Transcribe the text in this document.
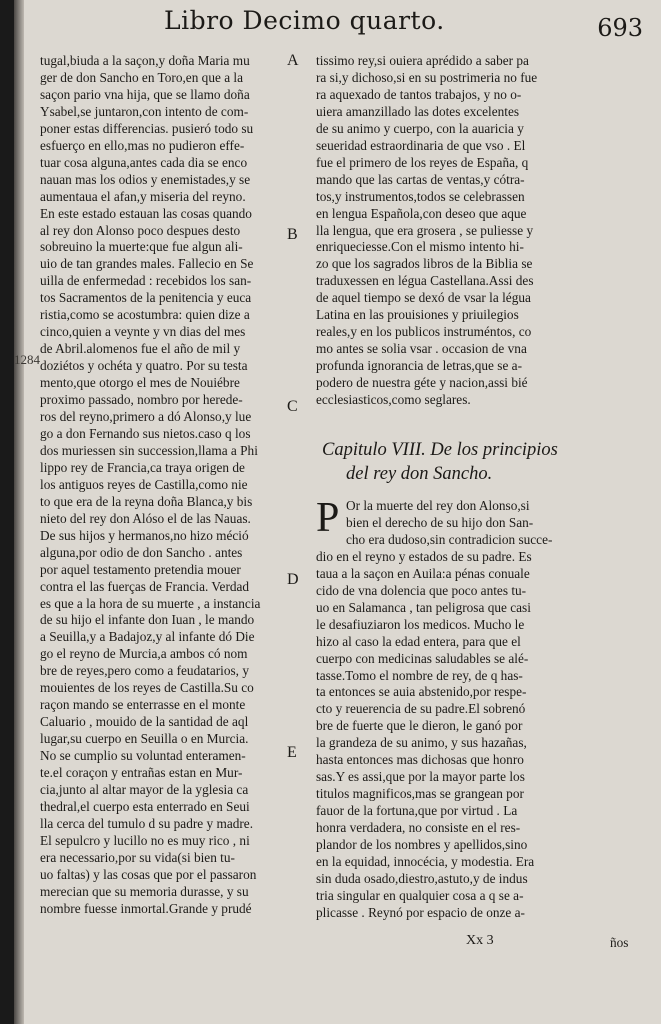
Libro Decimo quarto.	693
1284
tugal,biuda a la saçon,y doña Maria mu
ger de don Sancho en Toro,en que a la
saçon pario vna hija, que se llamo doña
Ysabel,se juntaron,con intento de com-
poner estas differencias. pusieró todo su
esfuerço en ello,mas no pudieron effe-
tuar cosa alguna,antes cada dia se enco
nauan mas los odios y enemistades,y se
aumentaua el afan,y miseria del reyno.
En este estado estauan las cosas quando
al rey don Alonso poco despues desto
sobreuino la muerte:que fue algun ali-
uio de tan grandes males. Fallecio en Se
uilla de enfermedad : recebidos los san-
tos Sacramentos de la penitencia y euca
ristia,como se acostumbra: quien dize a
cinco,quien a veynte y vn dias del mes
de Abril.alomenos fue el año de mil y
doziétos y ochéta y quatro. Por su testa
mento,que otorgo el mes de Nouiébre
proximo passado, nombro por herede-
ros del reyno,primero a dó Alonso,y lue
go a don Fernando sus nietos.caso q los
dos muriessen sin succession,llama a Phi
lippo rey de Francia,ca traya origen de
los antiguos reyes de Castilla,como nie
to que era de la reyna doña Blanca,y bis
nieto del rey don Alóso el de las Nauas.
De sus hijos y hermanos,no hizo méció
alguna,por odio de don Sancho . antes
por aquel testamento pretendia mouer
contra el las fuerças de Francia. Verdad
es que a la hora de su muerte , a instancia
de su hijo el infante don Iuan , le mando
a Seuilla,y a Badajoz,y al infante dó Die
go el reyno de Murcia,a ambos có nom
bre de reyes,pero como a feudatarios, y
mouientes de los reyes de Castilla.Su co
raçon mando se enterrasse en el monte
Caluario , mouido de la santidad de aql
lugar,su cuerpo en Seuilla o en Murcia.
No se cumplio su voluntad enteramen-
te.el coraçon y entrañas estan en Mur-
cia,junto al altar mayor de la yglesia ca
thedral,el cuerpo esta enterrado en Seui
lla cerca del tumulo d su padre y madre.
El sepulcro y lucillo no es muy rico , ni
era necessario,por su vida(si bien tu-
uo faltas) y las cosas que por el passaron
merecian que su memoria durasse, y su
nombre fuesse inmortal.Grande y prudé
A
B
C
D
E
tissimo rey,si ouiera aprédido a saber pa
ra si,y dichoso,si en su postrimeria no fue
ra aquexado de tantos trabajos, y no o-
uiera amanzillado las dotes excelentes
de su animo y cuerpo, con la auaricia y
seueridad estraordinaria de que vso . El
fue el primero de los reyes de España, q
mando que las cartas de ventas,y cótra-
tos,y instrumentos,todos se celebrassen
en lengua Española,con deseo que aque
lla lengua, que era grosera , se puliesse y
enriqueciesse.Con el mismo intento hi-
zo que los sagrados libros de la Biblia se
traduxessen en légua Castellana.Assi des
de aquel tiempo se dexó de vsar la légua
Latina en las prouisiones y priuilegios
reales,y en los publicos instruméntos, co
mo antes se solia vsar . occasion de vna
profunda ignorancia de letras,que se a-
podero de nuestra géte y nacion,assi bié
ecclesiasticos,como seglares.
Capitulo VIII. De los principios
del rey don Sancho.
P Or la muerte del rey don Alonso,si
bien el derecho de su hijo don San-
cho era dudoso,sin contradicion succe-
dio en el reyno y estados de su padre. Es
taua a la saçon en Auila:a pénas conuale
cido de vna dolencia que poco antes tu-
uo en Salamanca , tan peligrosa que casi
le desafiuziaron los medicos. Mucho le
hizo al caso la edad entera, para que el
cuerpo con medicinas saludables se alé-
tasse.Tomo el nombre de rey, de q has-
ta entonces se auia abstenido,por respe-
cto y reuerencia de su padre.El sobrenó
bre de fuerte que le dieron, le ganó por
la grandeza de su animo, y sus hazañas,
hasta entonces mas dichosas que honro
sas.Y es assi,que por la mayor parte los
titulos magnificos,mas se grangean por
fauor de la fortuna,que por virtud . La
honra verdadera, no consiste en el res-
plandor de los nombres y apellidos,sino
en la equidad, innocécia, y modestia. Era
sin duda osado,diestro,astuto,y de indus
tria singular en qualquier cosa a q se a-
plicasse . Reynó por espacio de onze a-
Xx 3	ños
